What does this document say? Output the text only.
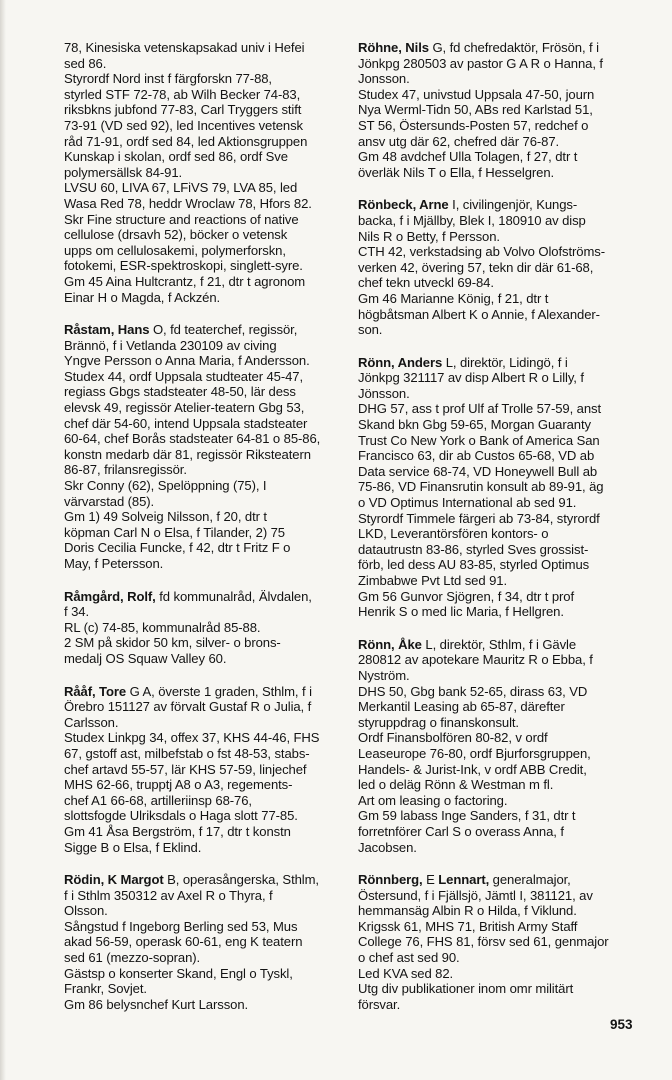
78, Kinesiska vetenskapsakad univ i Hefei
sed 86.
Styrordf Nord inst f färgforskn 77-88,
styrled STF 72-78, ab Wilh Becker 74-83,
riksbkns jubfond 77-83, Carl Tryggers stift
73-91 (VD sed 92), led Incentives vetensk
råd 71-91, ordf sed 84, led Aktionsgruppen
Kunskap i skolan, ordf sed 86, ordf Sve
polymersällsk 84-91.
LVSU 60, LIVA 67, LFiVS 79, LVA 85, led
Wasa Red 78, heddr Wroclaw 78, Hfors 82.
Skr Fine structure and reactions of native
cellulose (drsavh 52), böcker o vetensk
upps om cellulosakemi, polymerforskn,
fotokemi, ESR-spektroskopi, singlett-syre.
Gm 45 Aina Hultcrantz, f 21, dtr t agronom
Einar H o Magda, f Ackzén.
Råstam, Hans O, fd teaterchef, regissör,
Brännö, f i Vetlanda 230109 av civing
Yngve Persson o Anna Maria, f Andersson.
Studex 44, ordf Uppsala studteater 45-47,
regiass Gbgs stadsteater 48-50, lär dess
elevsk 49, regissör Atelier-teatern Gbg 53,
chef där 54-60, intend Uppsala stadsteater
60-64, chef Borås stadsteater 64-81 o 85-86,
konstn medarb där 81, regissör Riksteatern
86-87, frilansregissör.
Skr Conny (62), Spelöppning (75), I
värvarstad (85).
Gm 1) 49 Solveig Nilsson, f 20, dtr t
köpman Carl N o Elsa, f Tilander, 2) 75
Doris Cecilia Funcke, f 42, dtr t Fritz F o
May, f Petersson.
Råmgård, Rolf, fd kommunalråd, Älvdalen,
f 34.
RL (c) 74-85, kommunalråd 85-88.
2 SM på skidor 50 km, silver- o brons-
medalj OS Squaw Valley 60.
Rååf, Tore G A, överste 1 graden, Sthlm, f i
Örebro 151127 av förvalt Gustaf R o Julia, f
Carlsson.
Studex Linkpg 34, offex 37, KHS 44-46, FHS
67, gstoff ast, milbefstab o fst 48-53, stabs-
chef artavd 55-57, lär KHS 57-59, linjechef
MHS 62-66, trupptj A8 o A3, regements-
chef A1 66-68, artilleriinsp 68-76,
slottsfogde Ulriksdals o Haga slott 77-85.
Gm 41 Åsa Bergström, f 17, dtr t konstn
Sigge B o Elsa, f Eklind.
Rödin, K Margot B, operasångerska, Sthlm,
f i Sthlm 350312 av Axel R o Thyra, f
Olsson.
Sångstud f Ingeborg Berling sed 53, Mus
akad 56-59, operask 60-61, eng K teatern
sed 61 (mezzo-sopran).
Gästsp o konserter Skand, Engl o Tyskl,
Frankr, Sovjet.
Gm 86 belysnchef Kurt Larsson.
Röhne, Nils G, fd chefredaktör, Frösön, f i
Jönkpg 280503 av pastor G A R o Hanna, f
Jonsson.
Studex 47, univstud Uppsala 47-50, journ
Nya Werml-Tidn 50, ABs red Karlstad 51,
ST 56, Östersunds-Posten 57, redchef o
ansv utg där 62, chefred där 76-87.
Gm 48 avdchef Ulla Tolagen, f 27, dtr t
överläk Nils T o Ella, f Hesselgren.
Rönbeck, Arne I, civilingenjör, Kungs-
backa, f i Mjällby, Blek I, 180910 av disp
Nils R o Betty, f Persson.
CTH 42, verkstadsing ab Volvo Olofströms-
verken 42, övering 57, tekn dir där 61-68,
chef tekn utveckl 69-84.
Gm 46 Marianne König, f 21, dtr t
högbåtsman Albert K o Annie, f Alexander-
son.
Rönn, Anders L, direktör, Lidingö, f i
Jönkpg 321117 av disp Albert R o Lilly, f
Jönsson.
DHG 57, ass t prof Ulf af Trolle 57-59, anst
Skand bkn Gbg 59-65, Morgan Guaranty
Trust Co New York o Bank of America San
Francisco 63, dir ab Custos 65-68, VD ab
Data service 68-74, VD Honeywell Bull ab
75-86, VD Finansrutin konsult ab 89-91, äg
o VD Optimus International ab sed 91.
Styrordf Timmele färgeri ab 73-84, styrordf
LKD, Leverantörsfören kontors- o
datautrustn 83-86, styrled Sves grossist-
förb, led dess AU 83-85, styrled Optimus
Zimbabwe Pvt Ltd sed 91.
Gm 56 Gunvor Sjögren, f 34, dtr t prof
Henrik S o med lic Maria, f Hellgren.
Rönn, Åke L, direktör, Sthlm, f i Gävle
280812 av apotekare Mauritz R o Ebba, f
Nyström.
DHS 50, Gbg bank 52-65, dirass 63, VD
Merkantil Leasing ab 65-87, därefter
styruppdrag o finanskonsult.
Ordf Finansbolfören 80-82, v ordf
Leaseurope 76-80, ordf Bjurforsgruppen,
Handels- & Jurist-Ink, v ordf ABB Credit,
led o deläg Rönn & Westman m fl.
Art om leasing o factoring.
Gm 59 labass Inge Sanders, f 31, dtr t
forretnförer Carl S o overass Anna, f
Jacobsen.
Rönnberg, E Lennart, generalmajor,
Östersund, f i Fjällsjö, Jämtl I, 381121, av
hemmansäg Albin R o Hilda, f Viklund.
Krigssk 61, MHS 71, British Army Staff
College 76, FHS 81, försv sed 61, genmajor
o chef ast sed 90.
Led KVA sed 82.
Utg div publikationer inom omr militärt
försvar.
953
